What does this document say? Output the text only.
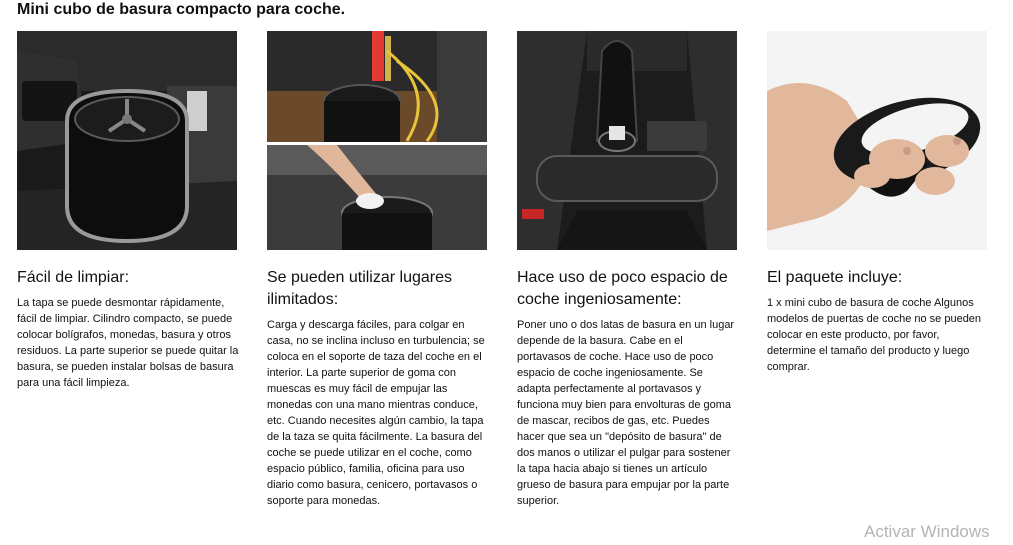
Mini cubo de basura compacto para coche.
Fácil de limpiar:

La tapa se puede desmontar rápidamente, fácil de limpiar. Cilindro compacto, se puede colocar bolígrafos, monedas, basura y otros residuos. La parte superior se puede quitar la basura, se pueden instalar bolsas de basura para una fácil limpieza.

Se pueden utilizar lugares ilimitados:

Carga y descarga fáciles, para colgar en casa, no se inclina incluso en turbulencia; se coloca en el soporte de taza del coche en el interior. La parte superior de goma con muescas es muy fácil de empujar las monedas con una mano mientras conduce, etc. Cuando necesites algún cambio, la tapa de la taza se quita fácilmente. La basura del coche se puede utilizar en el coche, como espacio público, familia, oficina para uso diario como basura, cenicero, portavasos o soporte para monedas.

Hace uso de poco espacio de coche ingeniosamente:

Poner uno o dos latas de basura en un lugar depende de la basura. Cabe en el portavasos de coche. Hace uso de poco espacio de coche ingeniosamente. Se adapta perfectamente al portavasos y funciona muy bien para envolturas de goma de mascar, recibos de gas, etc. Puedes hacer que sea un "depósito de basura" de dos manos o utilizar el pulgar para sostener la tapa hacia abajo si tienes un artículo grueso de basura para empujar por la parte superior.

El paquete incluye:

1 x mini cubo de basura de coche Algunos modelos de puertas de coche no se pueden colocar en este producto, por favor, determine el tamaño del producto y luego comprar.

Activar Windows
